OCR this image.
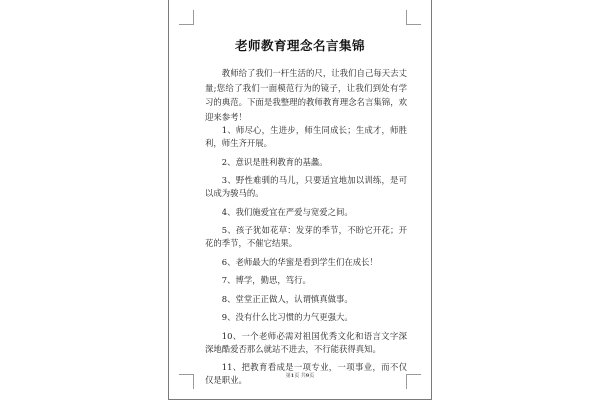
老师教育理念名言集锦

教师给了我们一杆生活的尺，让我们自己每天去丈量;您给了我们一面模范行为的镜子，让我们到处有学习的典范。下面是我整理的教师教育理念名言集锦，欢迎来参考！

1、师尽心，生进步，师生同成长；生成才，师胜利，师生齐开展。
2、意识是胜利教育的基蠡。
3、野性难驯的马儿，只要适宜地加以训练，是可以成为骏马的。
4、我们施爱宜在严爱与宽爱之间。
5、孩子犹如花草：发芽的季节，不盼它开花；开花的季节，不催它结果。
6、老师最大的华蜜是看到学生们在成长！
7、博学，勤思，笃行。
8、堂堂正正做人，认谓慎真做事。
9、没有什么比习惯的力气更强大。
10、一个老师必需对祖国优秀文化和语言文字深深地酷爱否那么就站不进去，不行能获得真知。
11、把教育看成是一项专业，一项事业，而不仅仅是职业。	第1页 共9页
